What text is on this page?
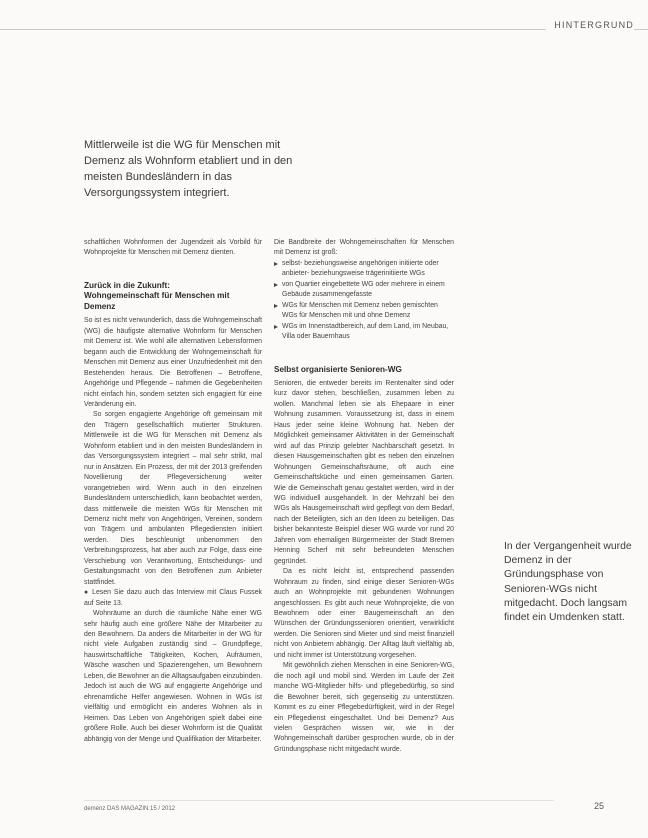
HINTERGRUND
Mittlerweile ist die WG für Menschen mit Demenz als Wohnform etabliert und in den meisten Bundesländern in das Versorgungssystem integriert.

schaftlichen Wohnformen der Jugendzeit als Vorbild für Wohnprojekte für Menschen mit Demenz dienten.

Zurück in die Zukunft:
Wohngemeinschaft für Menschen mit Demenz

So ist es nicht verwunderlich, dass die Wohngemeinschaft (WG) die häufigste alternative Wohnform für Menschen mit Demenz ist. Wie wohl alle alternativen Lebensformen begann auch die Entwicklung der Wohngemeinschaft für Menschen mit Demenz aus einer Unzufriedenheit mit den Bestehenden heraus. Die Betroffenen – Betroffene, Angehörige und Pflegende – nahmen die Gegebenheiten nicht einfach hin, sondern setzten sich engagiert für eine Veränderung ein.

So sorgen engagierte Angehörige oft gemeinsam mit den Trägern gesellschaftlich mutierter Strukturen. Mittlerweile ist die WG für Menschen mit Demenz als Wohnform etabliert und in den meisten Bundesländern in das Versorgungssystem integriert – mal sehr strikt, mal nur in Ansätzen. Ein Prozess, der mit der 2013 greifenden Novellierung der Pflegeversicherung weiter vorangetrieben wird. Wenn auch in den einzelnen Bundesländern unterschiedlich, kann beobachtet werden, dass mittlerweile die meisten WGs für Menschen mit Demenz nicht mehr von Angehörigen, Vereinen, sondern von Trägern und ambulanten Pflegediensten initiiert werden. Dies beschleunigt unbenommen den Verbreitungsprozess, hat aber auch zur Folge, dass eine Verschiebung von Verantwortung, Entscheidungs- und Gestaltungsmacht von den Betroffenen zum Anbieter stattfindet.

● Lesen Sie dazu auch das Interview mit Claus Fussek auf Seite 13.

Wohnräume an durch die räumliche Nähe einer WG sehr häufig auch eine größere Nähe der Mitarbeiter zu den Bewohnern. Da anders die Mitarbeiter in der WG für nicht viele Aufgaben zuständig sind – Grundpflege, hauswirtschaftliche Tätigkeiten, Kochen, Aufräumen, Wäsche waschen und Spazierengehen, um Bewohnern Leben, die Bewohner an die Alltagsaufgaben einzubinden. Jedoch ist auch die WG auf engagierte Angehörige und ehrenamtliche Helfer angewiesen. Wohnen in WGs ist vielfältig und ermöglicht ein anderes Wohnen als in Heimen. Das Leben von Angehörigen spielt dabei eine größere Rolle. Auch bei dieser Wohnform ist die Qualität abhängig von der Menge und Qualifikation der Mitarbeiter.

Die Bandbreite der Wohngemeinschaften für Menschen mit Demenz ist groß:

selbst- beziehungsweise angehörigen initiierte oder anbieter- beziehungsweise trägerinitiierte WGs
von Quartier eingebettete WG oder mehrere in einem Gebäude zusammengefasste
WGs für Menschen mit Demenz neben gemischten WGs für Menschen mit und ohne Demenz
WGs im Innenstadtbereich, auf dem Land, im Neubau, Villa oder Bauernhaus
Selbst organisierte Senioren-WG

Senioren, die entweder bereits im Rentenalter sind oder kurz davor stehen, beschließen, zusammen leben zu wollen. Manchmal leben sie als Ehepaare in einer Wohnung zusammen. Voraussetzung ist, dass in einem Haus jeder seine kleine Wohnung hat. Neben der Möglichkeit gemeinsamer Aktivitäten in der Gemeinschaft wird auf das Prinzip gelebter Nachbarschaft gesetzt. In diesen Hausgemeinschaften gibt es neben den einzelnen Wohnungen Gemeinschaftsräume, oft auch eine Gemeinschaftsküche und einen gemeinsamen Garten. Wie die Gemeinschaft genau gestaltet werden, wird in der WG individuell ausgehandelt. In der Mehrzahl bei den WGs als Hausgemeinschaft wird gepflegt von dem Bedarf, nach der Beteiligten, sich an den Ideen zu beteiligen. Das bisher bekannteste Beispiel dieser WG wurde vor rund 20 Jahren vom ehemaligen Bürgermeister der Stadt Bremen Henning Scherf mit sehr befreundeten Menschen gegründet.

Da es nicht leicht ist, entsprechend passenden Wohnraum zu finden, sind einige dieser Senioren-WGs auch an Wohnprojekte mit gebundenen Wohnungen angeschlossen. Es gibt auch neue Wohnprojekte, die von Bewohnern oder einer Baugemeinschaft an den Wünschen der Gründungssenioren orientiert, verwirklicht werden. Die Senioren sind Mieter und sind meist finanziell nicht von Anbietern abhängig. Der Alltag läuft vielfältig ab, und nicht immer ist Unterstützung vorgesehen.

Mit gewöhnlich ziehen Menschen in eine Senioren-WG, die noch agil und mobil sind. Werden im Laufe der Zeit manche WG-Mitglieder hilfs- und pflegebedürftig, so sind die Bewohner bereit, sich gegenseitig zu unterstützen. Kommt es zu einer Pflegebedürftigkeit, wird in der Regel ein Pflegedienst eingeschaltet. Und bei Demenz? Aus vielen Gesprächen wissen wir, wie in der Wohngemeinschaft darüber gesprochen wurde, ob in der Gründungsphase nicht mitgedacht wurde.

In der Vergangenheit wurde Demenz in der Gründungsphase von Senioren-WGs nicht mitgedacht. Doch langsam findet ein Umdenken statt.
demenz DAS MAGAZIN 15 / 2012	25
